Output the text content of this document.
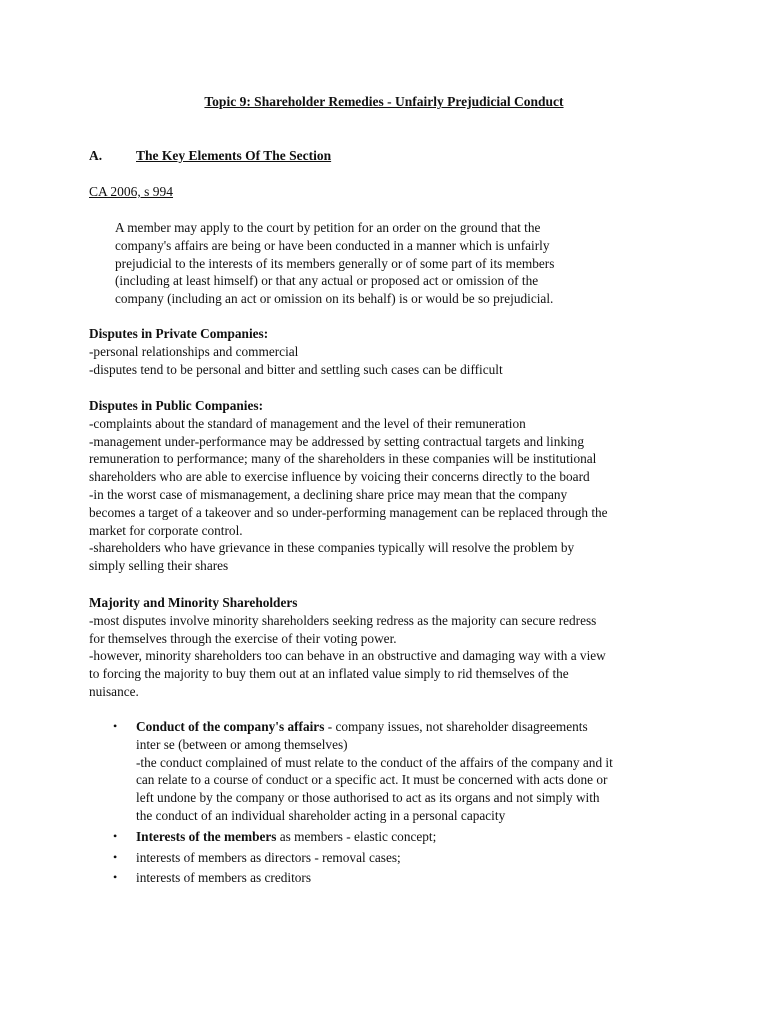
Topic 9: Shareholder Remedies - Unfairly Prejudicial Conduct
A.	The Key Elements Of The Section
CA 2006, s 994
A member may apply to the court by petition for an order on the ground that the
company's affairs are being or have been conducted in a manner which is unfairly
prejudicial to the interests of its members generally or of some part of its members
(including at least himself) or that any actual or proposed act or omission of the
company (including an act or omission on its behalf) is or would be so prejudicial.
Disputes in Private Companies:

-personal relationships and commercial

-disputes tend to be personal and bitter and settling such cases can be difficult

Disputes in Public Companies:

-complaints about the standard of management and the level of their remuneration

-management under-performance may be addressed by setting contractual targets and linking

remuneration to performance; many of the shareholders in these companies will be institutional

shareholders who are able to exercise influence by voicing their concerns directly to the board

-in the worst case of mismanagement, a declining share price may mean that the company

becomes a target of a takeover and so under-performing management can be replaced through the

market for corporate control.

-shareholders who have grievance in these companies typically will resolve the problem by

simply selling their shares

Majority and Minority Shareholders

-most disputes involve minority shareholders seeking redress as the majority can secure redress

for themselves through the exercise of their voting power.

-however, minority shareholders too can behave in an obstructive and damaging way with a view

to forcing the majority to buy them out at an inflated value simply to rid themselves of the

nuisance.

• Conduct of the company's affairs - company issues, not shareholder disagreements
inter se (between or among themselves)
-the conduct complained of must relate to the conduct of the affairs of the company and it
can relate to a course of conduct or a specific act. It must be concerned with acts done or
left undone by the company or those authorised to act as its organs and not simply with
the conduct of an individual shareholder acting in a personal capacity
• Interests of the members as members - elastic concept;
• interests of members as directors - removal cases;
• interests of members as creditors
